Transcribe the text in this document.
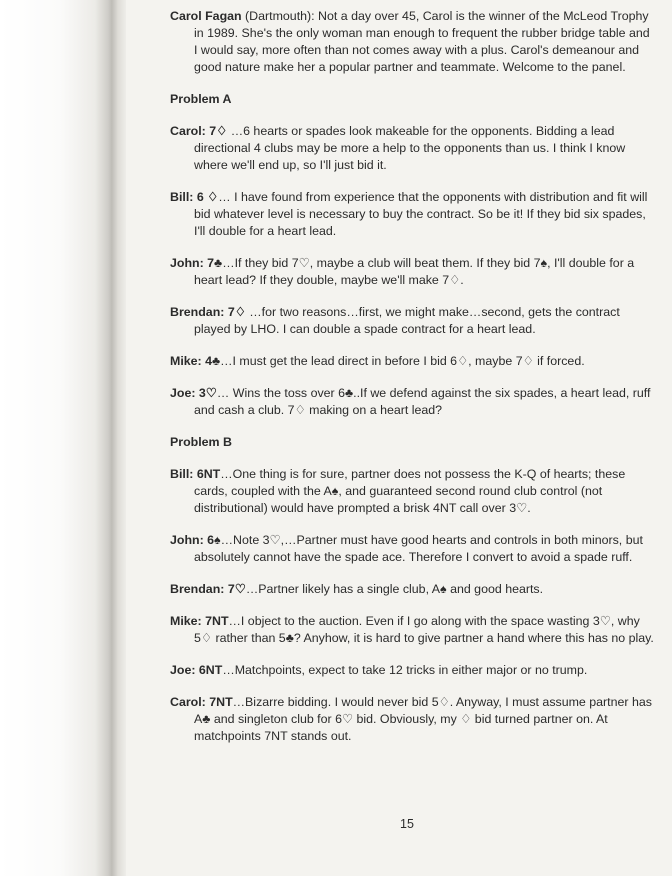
Carol Fagan (Dartmouth): Not a day over 45, Carol is the winner of the McLeod Trophy in 1989. She's the only woman man enough to frequent the rubber bridge table and I would say, more often than not comes away with a plus. Carol's demeanour and good nature make her a popular partner and teammate. Welcome to the panel.

Problem A

Carol: 7♢ …6 hearts or spades look makeable for the opponents. Bidding a lead directional 4 clubs may be more a help to the opponents than us. I think I know where we'll end up, so I'll just bid it.

Bill: 6 ♢… I have found from experience that the opponents with distribution and fit will bid whatever level is necessary to buy the contract. So be it! If they bid six spades, I'll double for a heart lead.

John: 7♣…If they bid 7♡, maybe a club will beat them. If they bid 7♠, I'll double for a heart lead? If they double, maybe we'll make 7♢.

Brendan: 7♢ …for two reasons…first, we might make…second, gets the contract played by LHO. I can double a spade contract for a heart lead.

Mike: 4♣…I must get the lead direct in before I bid 6♢, maybe 7♢ if forced.

Joe: 3♡… Wins the toss over 6♣..If we defend against the six spades, a heart lead, ruff and cash a club. 7♢ making on a heart lead?

Problem B

Bill: 6NT…One thing is for sure, partner does not possess the K-Q of hearts; these cards, coupled with the A♠, and guaranteed second round club control (not distributional) would have prompted a brisk 4NT call over 3♡.

John: 6♠…Note 3♡,…Partner must have good hearts and controls in both minors, but absolutely cannot have the spade ace. Therefore I convert to avoid a spade ruff.

Brendan: 7♡…Partner likely has a single club, A♠ and good hearts.

Mike: 7NT…I object to the auction. Even if I go along with the space wasting 3♡, why 5♢ rather than 5♣? Anyhow, it is hard to give partner a hand where this has no play.

Joe: 6NT…Matchpoints, expect to take 12 tricks in either major or no trump.

Carol: 7NT…Bizarre bidding. I would never bid 5♢. Anyway, I must assume partner has A♣ and singleton club for 6♡ bid. Obviously, my ♢ bid turned partner on. At matchpoints 7NT stands out.

15
